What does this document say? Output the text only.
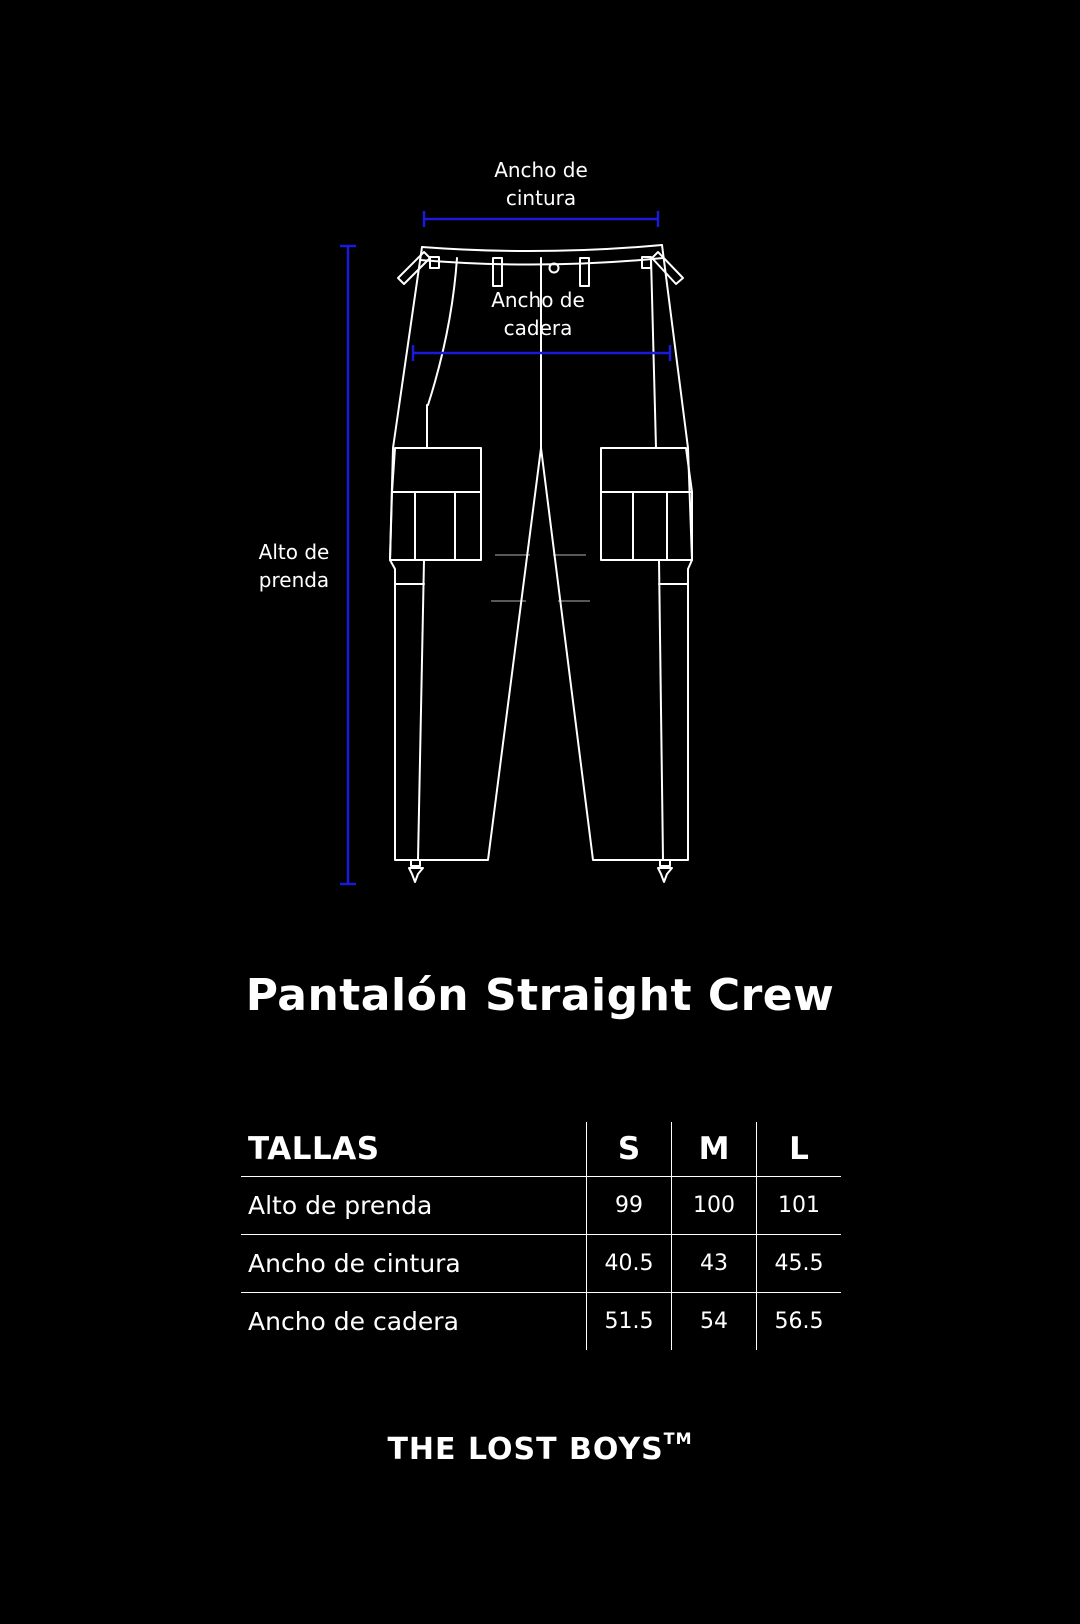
Ancho de
cintura
Ancho de
cadera
Alto de
prenda
Pantalón Straight Crew
TALLAS	S	M	L
Alto de prenda	99	100	101
Ancho de cintura	40.5	43	45.5
Ancho de cadera	51.5	54	56.5
THE LOST BOYS™
